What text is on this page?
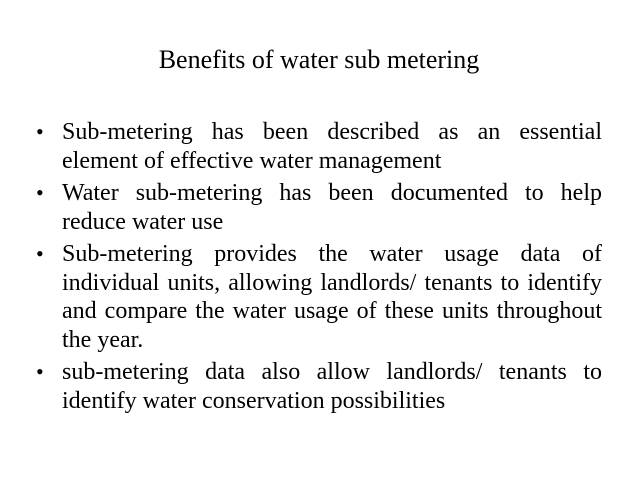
Benefits of water sub metering
• Sub-metering has been described as an essential element of effective water management
• Water sub-metering has been documented to help reduce water use
• Sub-metering provides the water usage data of individual units, allowing landlords/ tenants to identify and compare the water usage of these units throughout the year.
• sub-metering data also allow landlords/ tenants to identify water conservation possibilities
